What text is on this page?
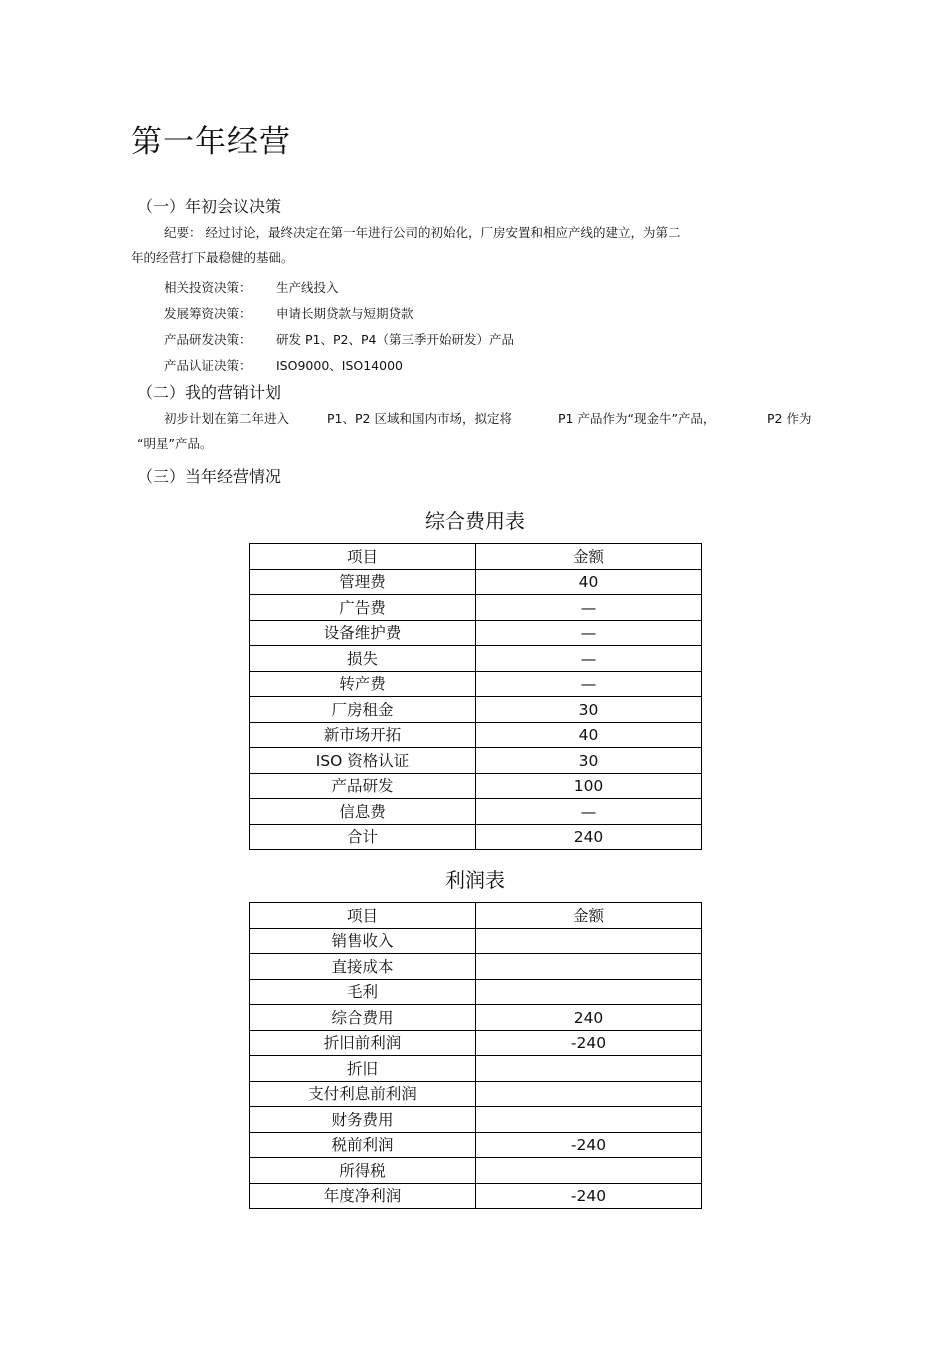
第一年经营
（一）年初会议决策

纪要： 经过讨论，最终决定在第一年进行公司的初始化，厂房安置和相应产线的建立，为第二

年的经营打下最稳健的基础。

相关投资决策： 生产线投入
发展筹资决策： 申请长期贷款与短期贷款
产品研发决策： 研发 P1、P2、P4（第三季开始研发）产品
产品认证决策： ISO9000、ISO14000
（二）我的营销计划
初步计划在第二年进入	P1、P2 区域和国内市场，拟定将	P1 产品作为“现金牛”产品，	P2 作为

“明星”产品。

（三）当年经营情况
综合费用表
项目	金额
管理费	40
广告费	—
设备维护费	—
损失	—
转产费	—
厂房租金	30
新市场开拓	40
ISO 资格认证	30
产品研发	100
信息费	—
合计	240
利润表
项目	金额
销售收入	
直接成本	
毛利	
综合费用	240
折旧前利润	-240
折旧	
支付利息前利润	
财务费用	
税前利润	-240
所得税	
年度净利润	-240
